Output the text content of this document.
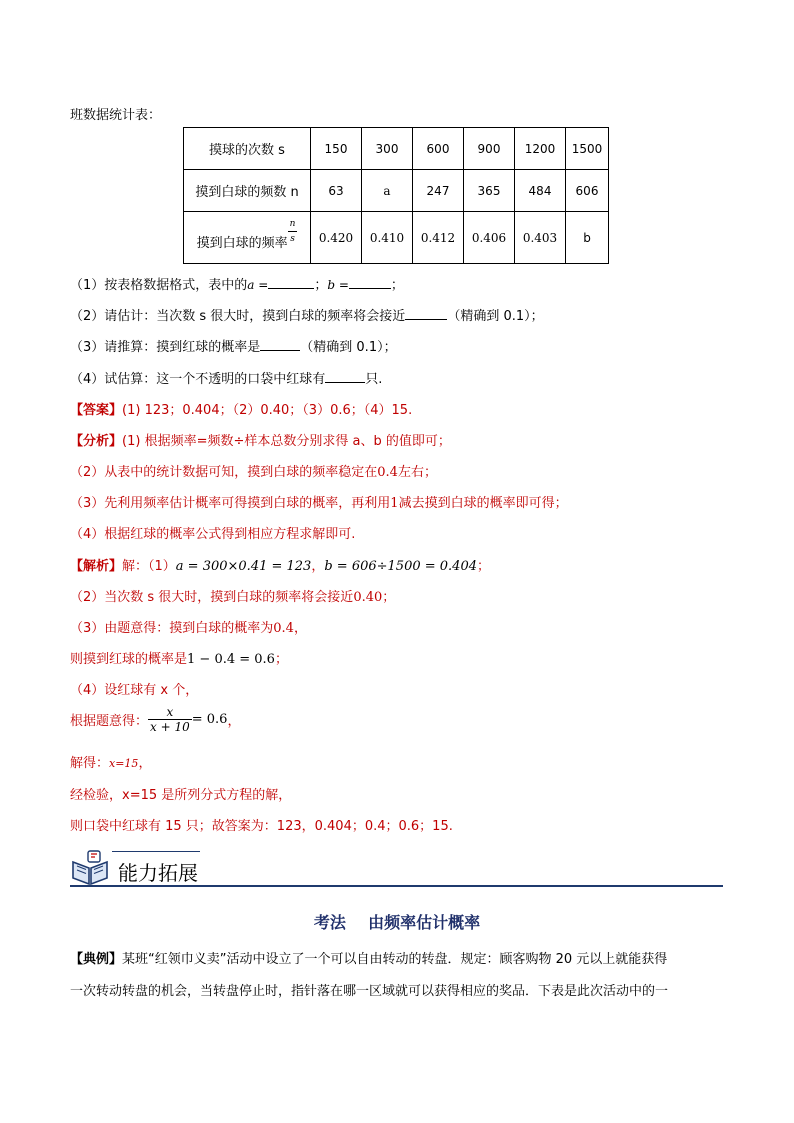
班数据统计表：
摸球的次数 s	150	300	600	900	1200	1500
摸到白球的频数 n	63	a	247	365	484	606
摸到白球的频率 $\frac{n}{s}$	0.420	0.410	0.412	0.406	0.403	b
（1）按表格数据格式，表中的a =	；b =	；
（2）请估计：当次数 s 很大时，摸到白球的频率将会接近	（精确到 0.1）；
（3）请推算：摸到红球的概率是	（精确到 0.1）；
（4）试估算：这一个不透明的口袋中红球有	只.
【答案】(1) 123；0.404；（2）0.40；（3）0.6；（4）15.
【分析】(1) 根据频率=频数÷样本总数分别求得 a、b 的值即可；
（2）从表中的统计数据可知，摸到白球的频率稳定在0.4左右；
（3）先利用频率估计概率可得摸到白球的概率，再利用1减去摸到白球的概率即可得；
（4）根据红球的概率公式得到相应方程求解即可.
【解析】解：（1）a = 300×0.41 = 123，b = 606÷1500 = 0.404；
（2）当次数 s 很大时，摸到白球的频率将会接近0.40；
（3）由题意得：摸到白球的概率为0.4，
则摸到红球的概率是1 − 0.4 = 0.6；
（4）设红球有 x 个，
根据题意得： $\frac{x}{x + 10} = 0.6$，
解得：x=15，
经检验，x=15 是所列分式方程的解，
则口袋中红球有 15 只；故答案为：123，0.404；0.4；0.6；15.
能力拓展
考法    由频率估计概率
【典例】某班“红领巾义卖”活动中设立了一个可以自由转动的转盘．规定：顾客购物 20 元以上就能获得
一次转动转盘的机会，当转盘停止时，指针落在哪一区域就可以获得相应的奖品．下表是此次活动中的一
